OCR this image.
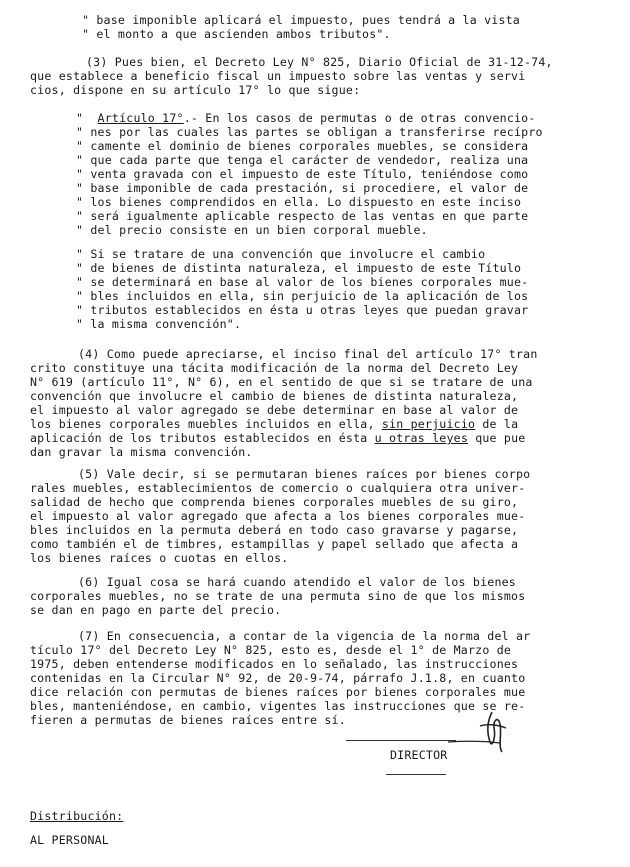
" base imponible aplicará el impuesto, pues tendrá a la vista
" el monto a que ascienden ambos tributos".
(3) Pues bien, el Decreto Ley N° 825, Diario Oficial de 31-12-74,
que establece a beneficio fiscal un impuesto sobre las ventas y servi
cios, dispone en su artículo 17° lo que sigue:
"  Artículo 17°.- En los casos de permutas o de otras convencio-
" nes por las cuales las partes se obligan a transferirse recípro
" camente el dominio de bienes corporales muebles, se considera
" que cada parte que tenga el carácter de vendedor, realiza una
" venta gravada con el impuesto de este Título, teniéndose como
" base imponible de cada prestación, si procediere, el valor de
" los bienes comprendidos en ella. Lo dispuesto en este inciso
" será igualmente aplicable respecto de las ventas en que parte
" del precio consiste en un bien corporal mueble.
" Si se tratare de una convención que involucre el cambio
" de bienes de distinta naturaleza, el impuesto de este Título
" se determinará en base al valor de los bienes corporales mue-
" bles incluidos en ella, sin perjuicio de la aplicación de los
" tributos establecidos en ésta u otras leyes que puedan gravar
" la misma convención".
(4) Como puede apreciarse, el inciso final del artículo 17° tran
crito constituye una tácita modificación de la norma del Decreto Ley
N° 619 (artículo 11°, N° 6), en el sentido de que si se tratare de una
convención que involucre el cambio de bienes de distinta naturaleza,
el impuesto al valor agregado se debe determinar en base al valor de
los bienes corporales muebles incluidos en ella, sin perjuicio de la
aplicación de los tributos establecidos en ésta u otras leyes que pue
dan gravar la misma convención.
(5) Vale decir, si se permutaran bienes raíces por bienes corpo
rales muebles, establecimientos de comercio o cualquiera otra univer-
salidad de hecho que comprenda bienes corporales muebles de su giro,
el impuesto al valor agregado que afecta a los bienes corporales mue-
bles incluidos en la permuta deberá en todo caso gravarse y pagarse,
como también el de timbres, estampillas y papel sellado que afecta a
los bienes raíces o cuotas en ellos.
(6) Igual cosa se hará cuando atendido el valor de los bienes
corporales muebles, no se trate de una permuta sino de que los mismos
se dan en pago en parte del precio.
(7) En consecuencia, a contar de la vigencia de la norma del ar
tículo 17° del Decreto Ley N° 825, esto es, desde el 1° de Marzo de
1975, deben entenderse modificados en lo señalado, las instrucciones
contenidas en la Circular N° 92, de 20-9-74, párrafo J.1.8, en cuanto
dice relación con permutas de bienes raíces por bienes corporales mue
bles, manteniéndose, en cambio, vigentes las instrucciones que se re-
fieren a permutas de bienes raíces entre sí.
DIRECTOR
Distribución:
AL PERSONAL
